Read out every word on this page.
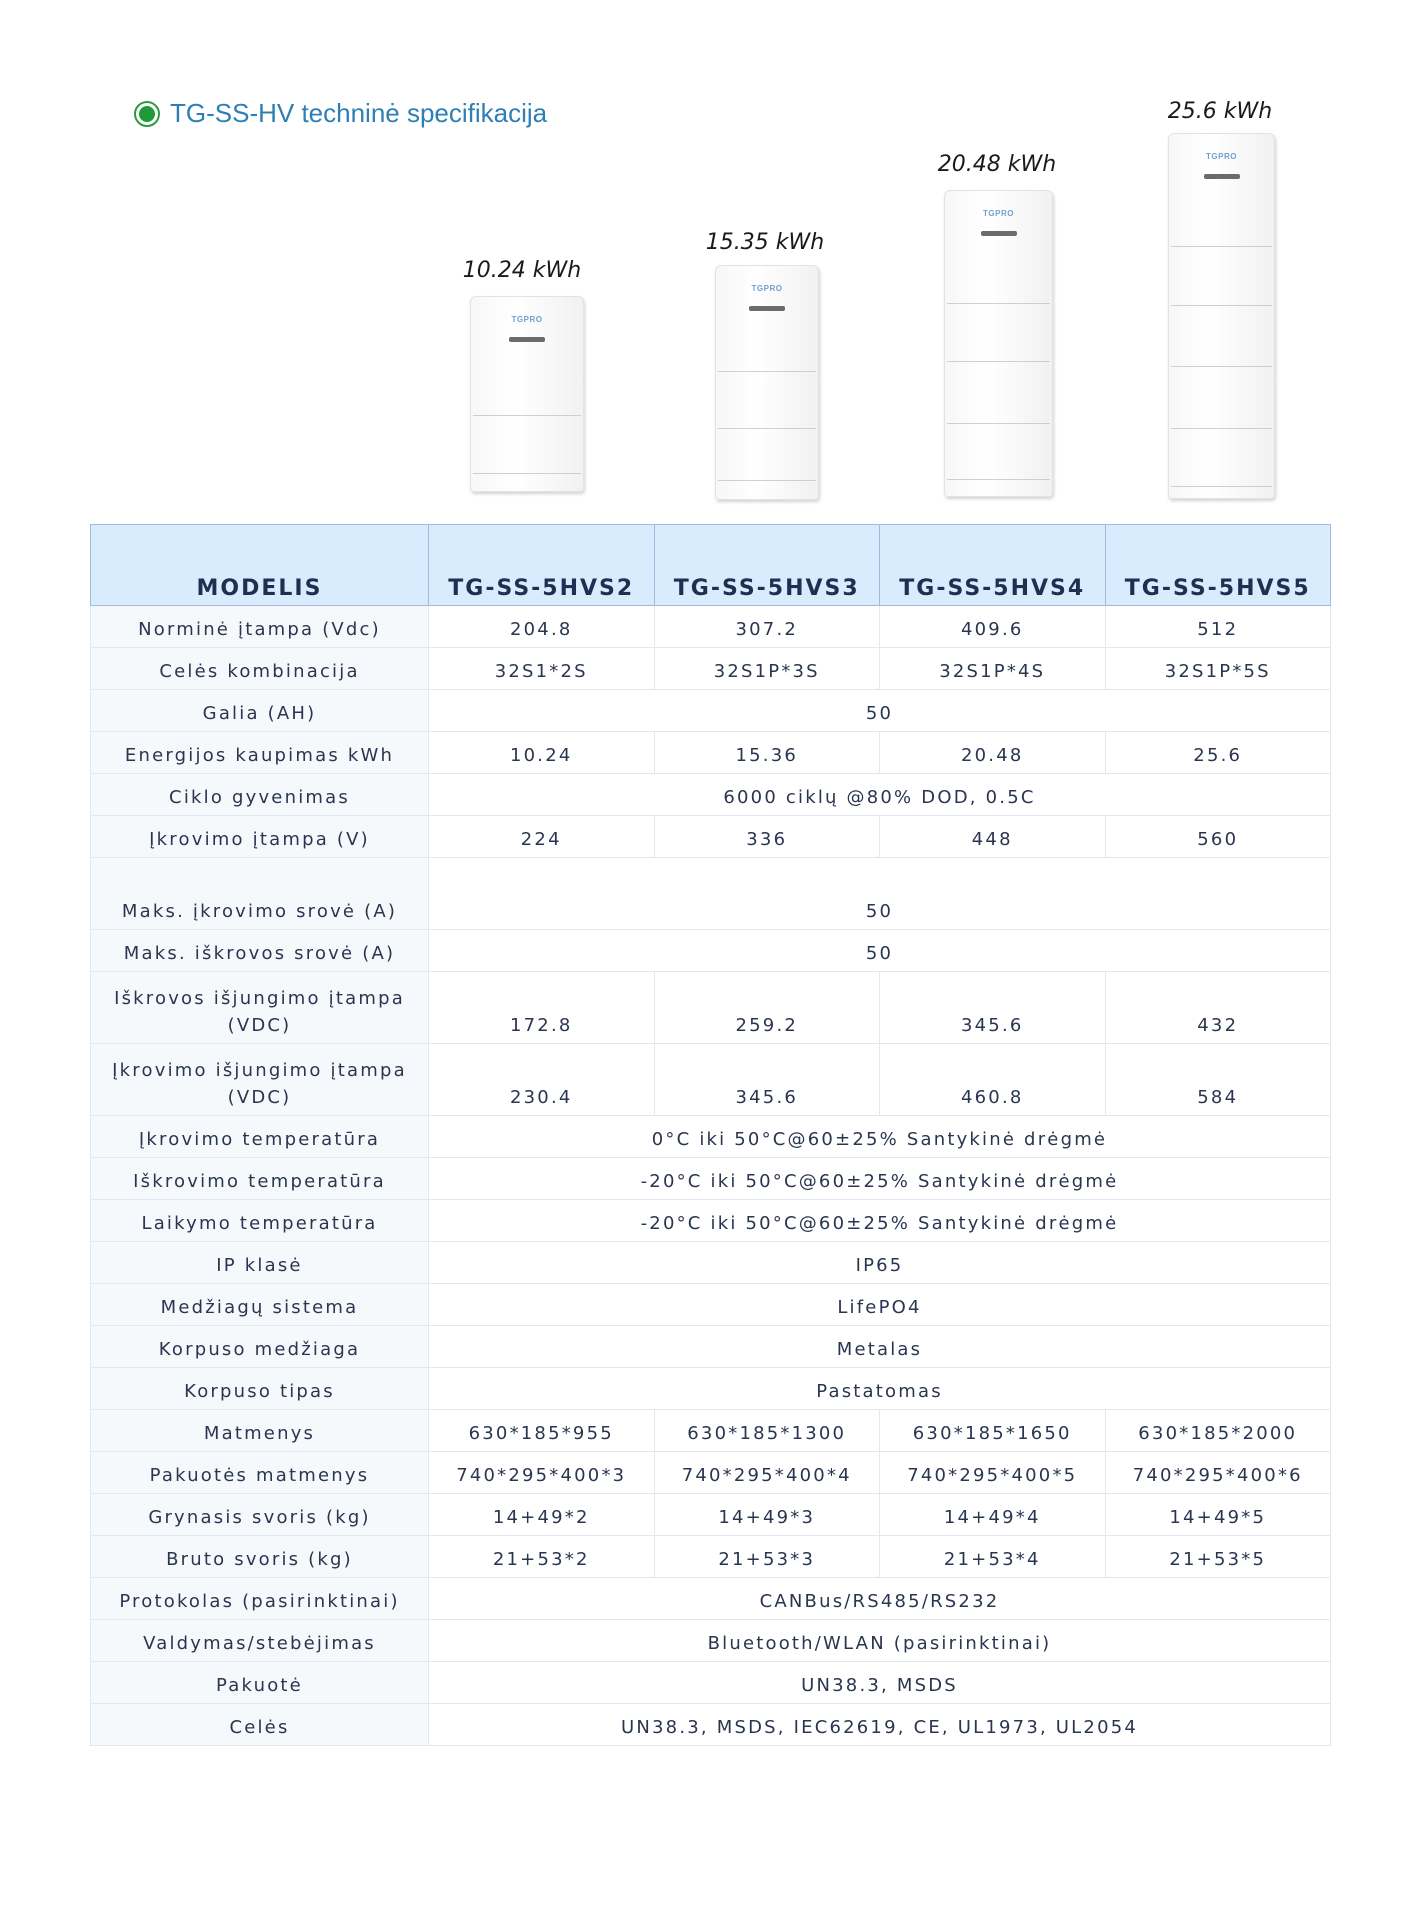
TG-SS-HV techninė specifikacija
10.24 kWh
TGPRO
15.35 kWh
TGPRO
20.48 kWh
TGPRO
25.6 kWh
TGPRO
MODELIS	TG-SS-5HVS2	TG-SS-5HVS3	TG-SS-5HVS4	TG-SS-5HVS5
Norminė įtampa (Vdc)	204.8	307.2	409.6	512
Celės kombinacija	32S1*2S	32S1P*3S	32S1P*4S	32S1P*5S
Galia (AH)	50			
Energijos kaupimas kWh	10.24	15.36	20.48	25.6
Ciklo gyvenimas	6000 ciklų @80% DOD, 0.5C			
Įkrovimo įtampa (V)	224	336	448	560
Maks. įkrovimo srovė (A)	50			
Maks. iškrovos srovė (A)	50			
Iškrovos išjungimo įtampa (VDC)	172.8	259.2	345.6	432
Įkrovimo išjungimo įtampa (VDC)	230.4	345.6	460.8	584
Įkrovimo temperatūra	0°C iki 50°C@60±25% Santykinė drėgmė			
Iškrovimo temperatūra	-20°C iki 50°C@60±25% Santykinė drėgmė			
Laikymo temperatūra	-20°C iki 50°C@60±25% Santykinė drėgmė			
IP klasė	IP65			
Medžiagų sistema	LifePO4			
Korpuso medžiaga	Metalas			
Korpuso tipas	Pastatomas			
Matmenys	630*185*955	630*185*1300	630*185*1650	630*185*2000
Pakuotės matmenys	740*295*400*3	740*295*400*4	740*295*400*5	740*295*400*6
Grynasis svoris (kg)	14+49*2	14+49*3	14+49*4	14+49*5
Bruto svoris (kg)	21+53*2	21+53*3	21+53*4	21+53*5
Protokolas (pasirinktinai)	CANBus/RS485/RS232			
Valdymas/stebėjimas	Bluetooth/WLAN (pasirinktinai)			
Pakuotė	UN38.3, MSDS			
Celės	UN38.3, MSDS, IEC62619, CE, UL1973, UL2054			
